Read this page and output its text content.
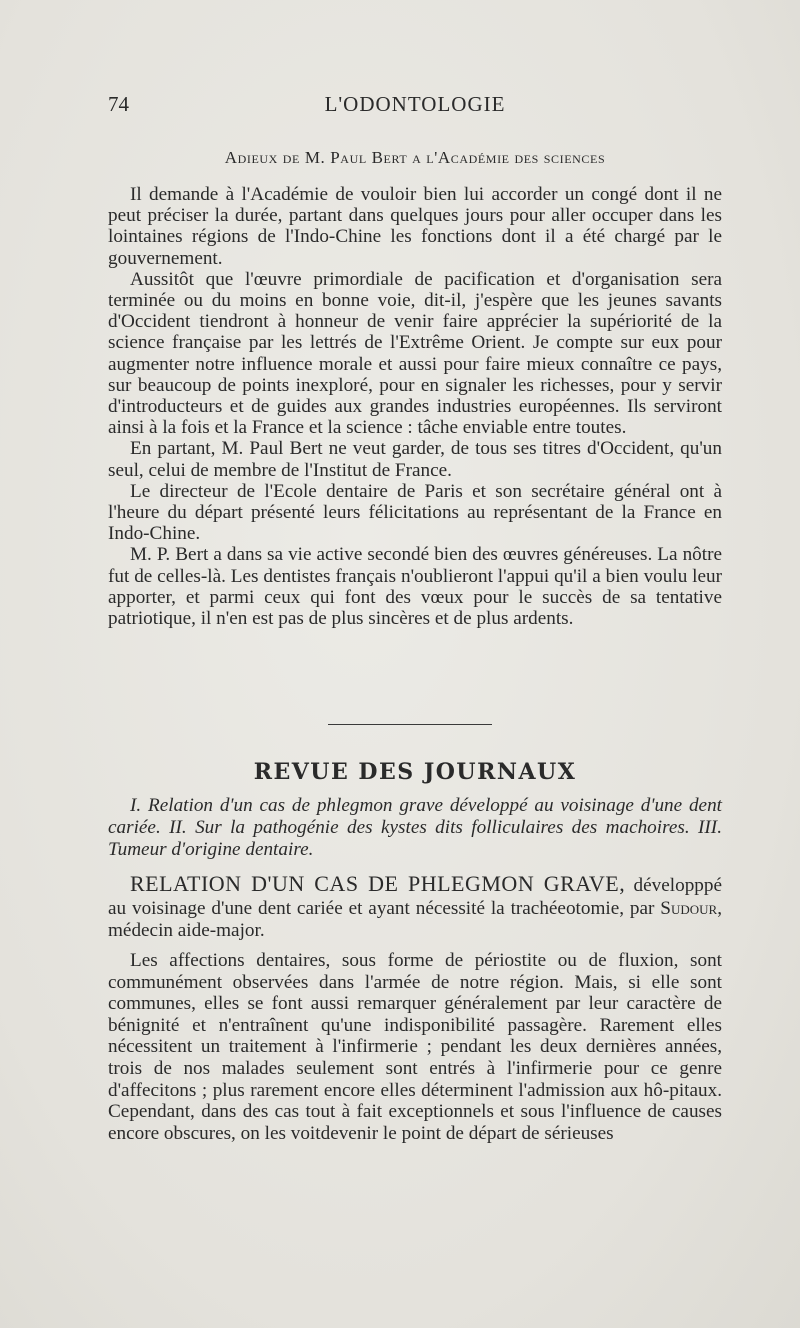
74	L'ODONTOLOGIE
Adieux de M. Paul Bert a l'Académie des sciences

Il demande à l'Académie de vouloir bien lui accorder un congé dont il ne peut préciser la durée, partant dans quelques jours pour aller occuper dans les lointaines régions de l'Indo-Chine les fonctions dont il a été chargé par le gouvernement.

Aussitôt que l'œuvre primordiale de pacification et d'organisation sera terminée ou du moins en bonne voie, dit-il, j'espère que les jeunes savants d'Occident tiendront à honneur de venir faire apprécier la supériorité de la science française par les lettrés de l'Extrême Orient. Je compte sur eux pour augmenter notre influence morale et aussi pour faire mieux connaître ce pays, sur beaucoup de points inexploré, pour en signaler les richesses, pour y servir d'introducteurs et de guides aux grandes industries européennes. Ils serviront ainsi à la fois et la France et la science : tâche enviable entre toutes.

En partant, M. Paul Bert ne veut garder, de tous ses titres d'Occident, qu'un seul, celui de membre de l'Institut de France.

Le directeur de l'Ecole dentaire de Paris et son secrétaire général ont à l'heure du départ présenté leurs félicitations au représentant de la France en Indo-Chine.

M. P. Bert a dans sa vie active secondé bien des œuvres généreuses. La nôtre fut de celles-là. Les dentistes français n'oublieront l'appui qu'il a bien voulu leur apporter, et parmi ceux qui font des vœux pour le succès de sa tentative patriotique, il n'en est pas de plus sincères et de plus ardents.

REVUE DES JOURNAUX

I. Relation d'un cas de phlegmon grave développé au voisinage d'une dent cariée. II. Sur la pathogénie des kystes dits folliculaires des machoires. III. Tumeur d'origine dentaire.

RELATION D'UN CAS DE PHLEGMON GRAVE, développpé au voisinage d'une dent cariée et ayant nécessité la trachéeotomie, par Sudour, médecin aide-major.

Les affections dentaires, sous forme de périostite ou de fluxion, sont communément observées dans l'armée de notre région. Mais, si elle sont communes, elles se font aussi remarquer généralement par leur caractère de bénignité et n'entraînent qu'une indisponibilité passagère. Rarement elles nécessitent un traitement à l'infirmerie ; pendant les deux dernières années, trois de nos malades seulement sont entrés à l'infirmerie pour ce genre d'affecitons ; plus rarement encore elles déterminent l'admission aux hô-pitaux. Cependant, dans des cas tout à fait exceptionnels et sous l'influence de causes encore obscures, on les voitdevenir le point de départ de sérieuses
